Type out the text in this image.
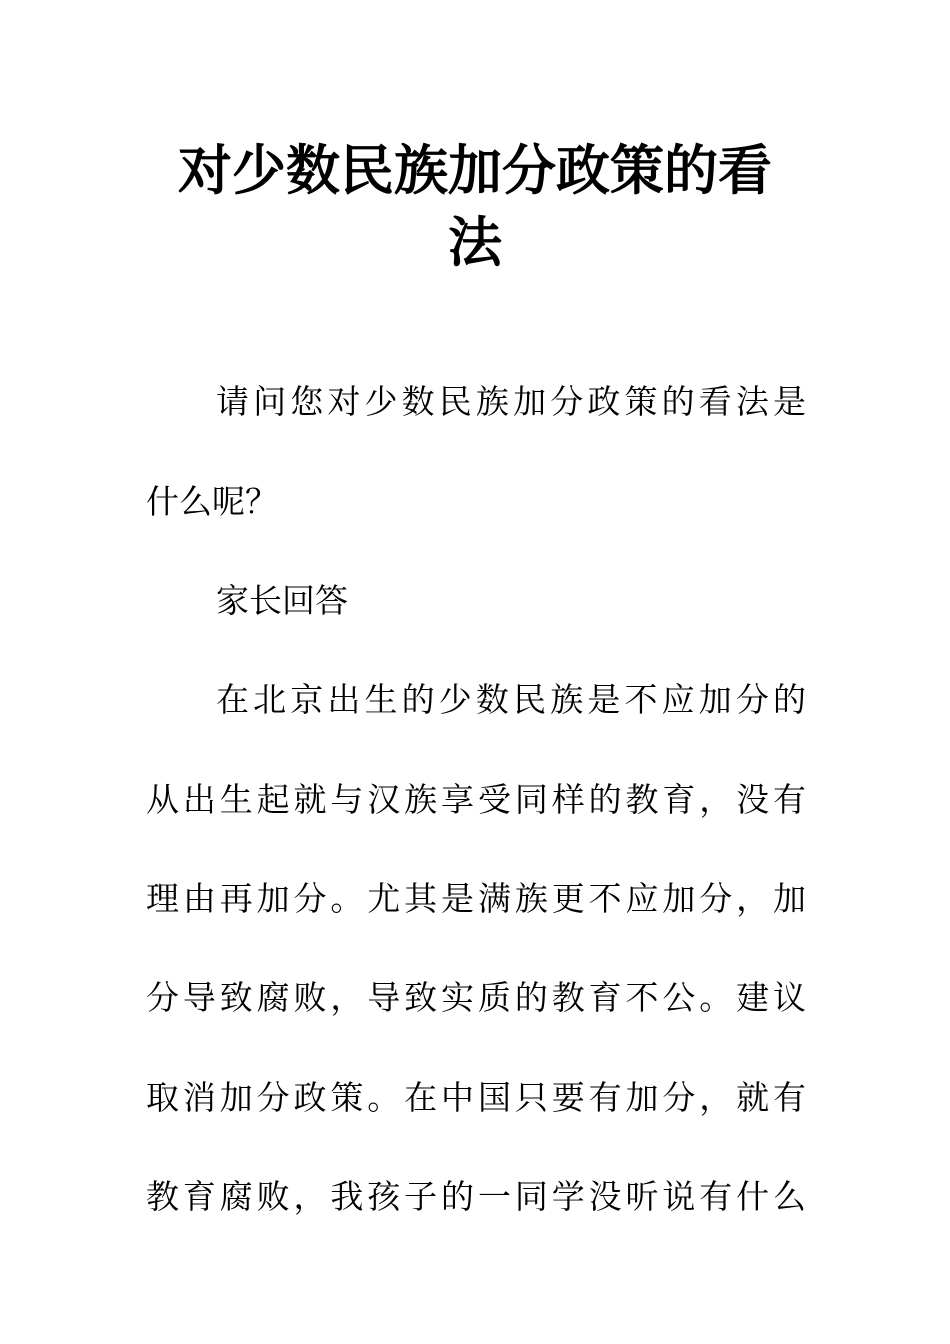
对少数民族加分政策的看
法
请问您对少数民族加分政策的看法是
什么呢？
家长回答
在北京出生的少数民族是不应加分的
从出生起就与汉族享受同样的教育，没有
理由再加分。尤其是满族更不应加分，加
分导致腐败，导致实质的教育不公。建议
取消加分政策。在中国只要有加分，就有
教育腐败，我孩子的一同学没听说有什么
